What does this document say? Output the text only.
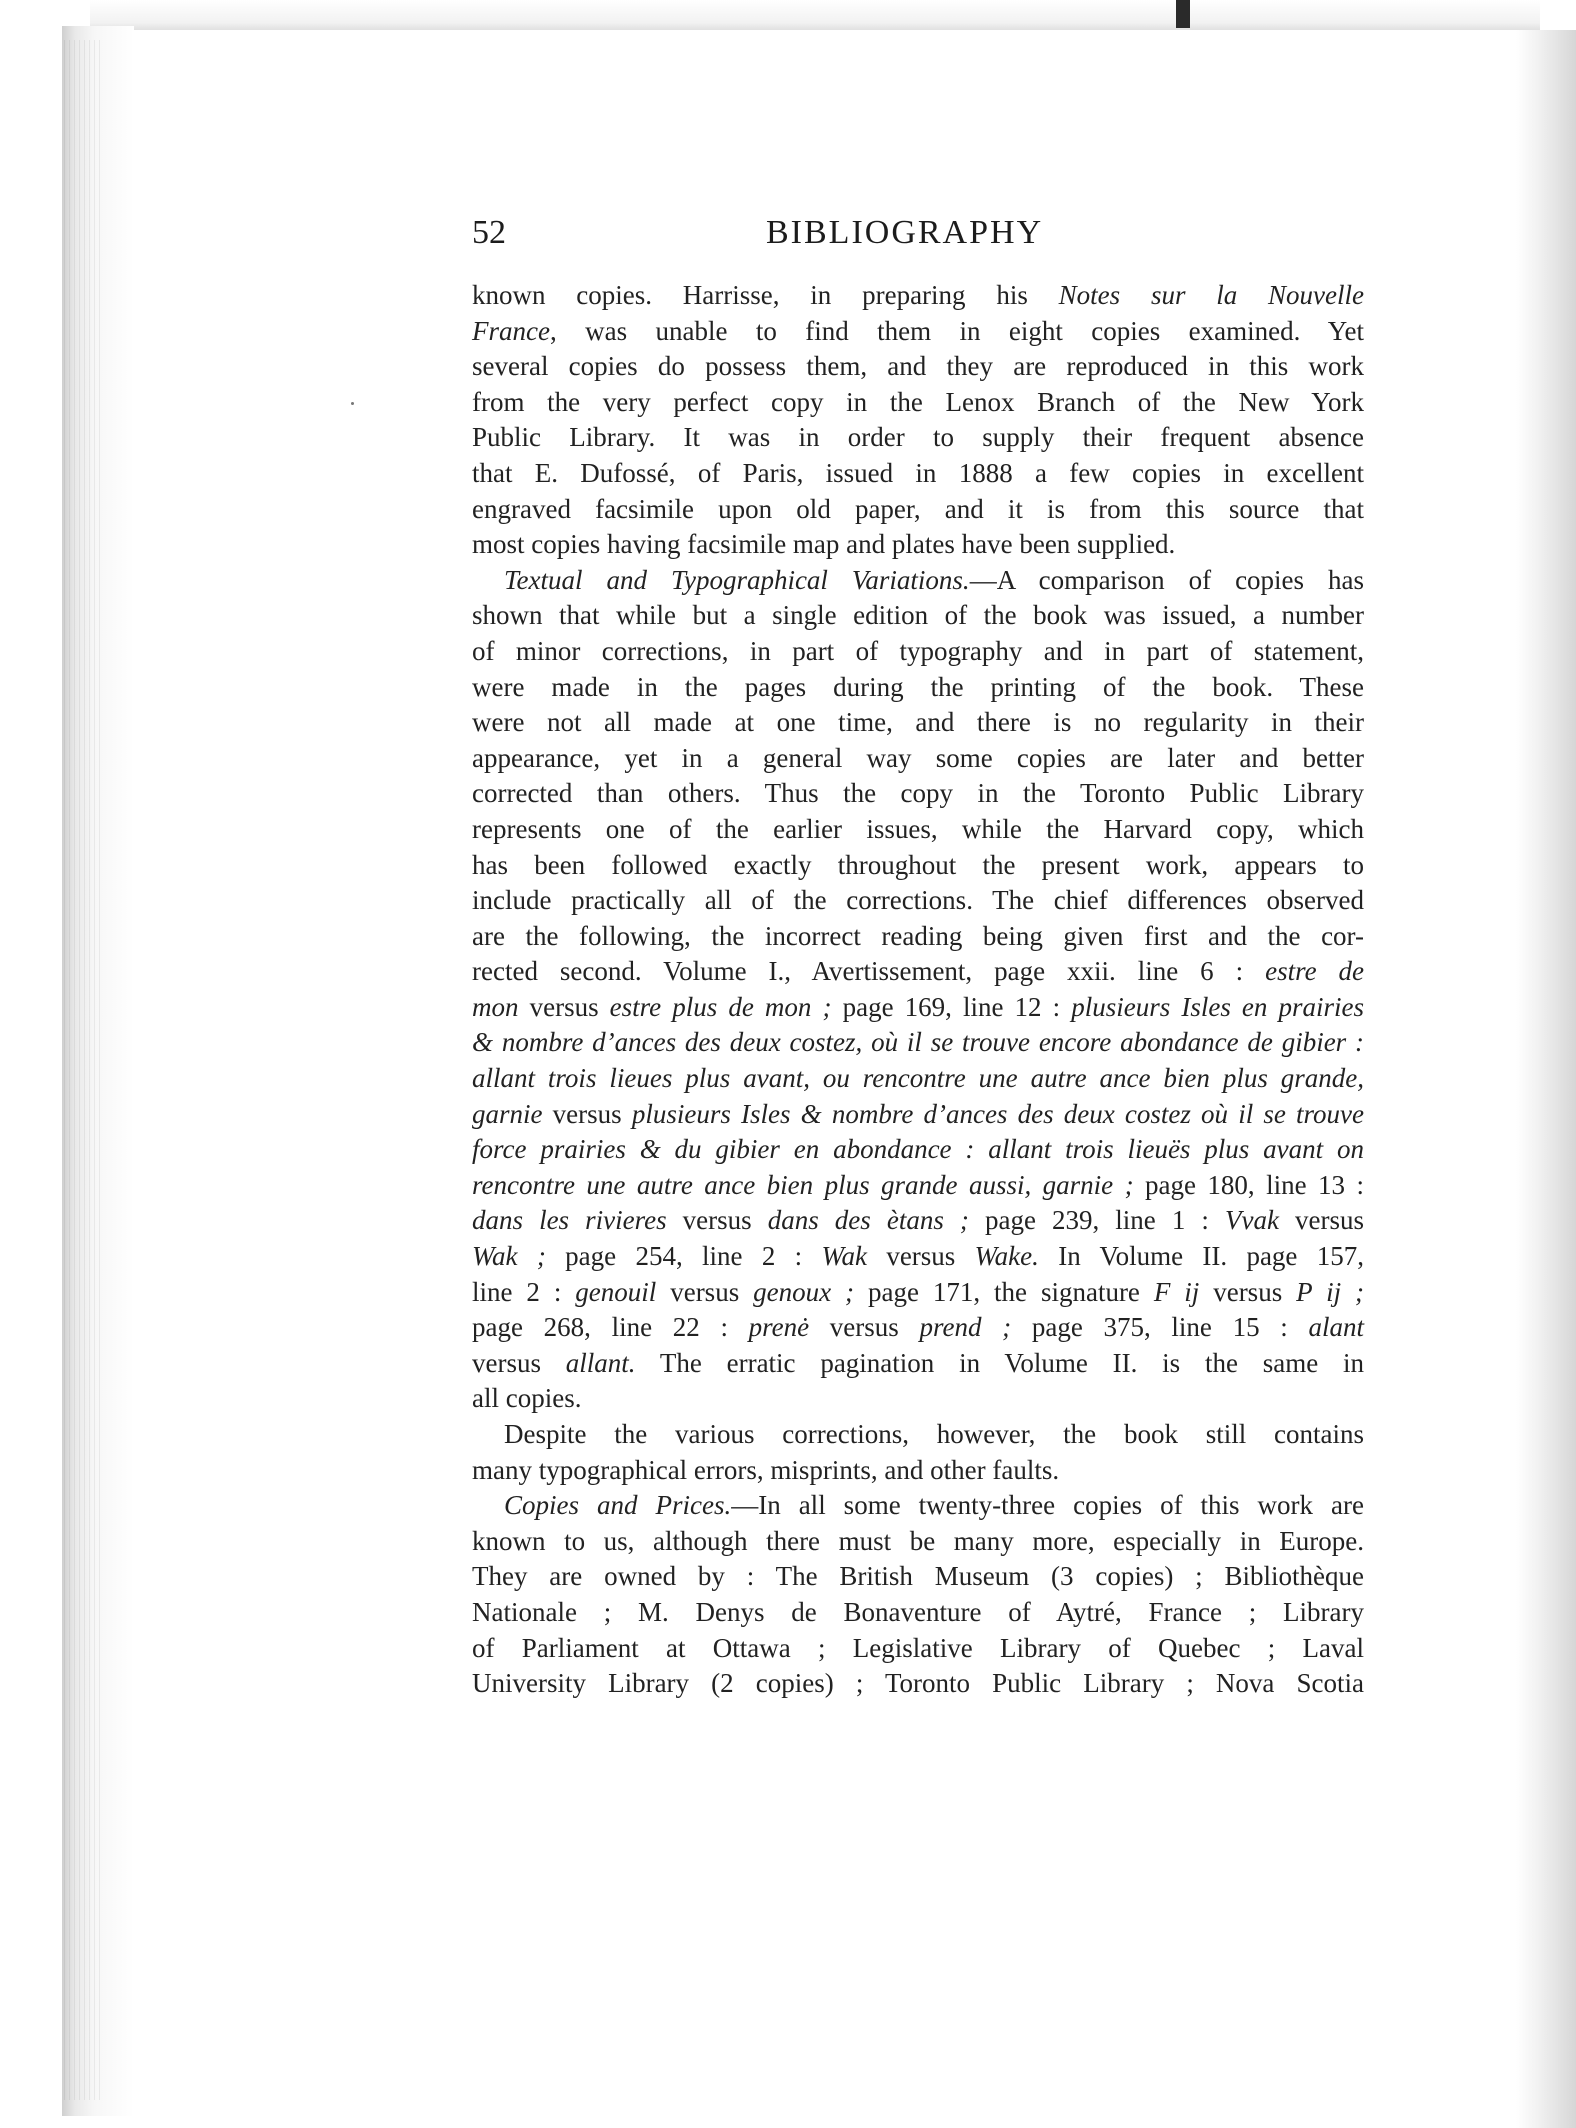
52	BIBLIOGRAPHY
known copies. Harrisse, in preparing his Notes sur la Nouvelle
France, was unable to find them in eight copies examined. Yet
several copies do possess them, and they are reproduced in this work
from the very perfect copy in the Lenox Branch of the New York
Public Library. It was in order to supply their frequent absence
that E. Dufossé, of Paris, issued in 1888 a few copies in excellent
engraved facsimile upon old paper, and it is from this source that
most copies having facsimile map and plates have been supplied.
Textual and Typographical Variations.—A comparison of copies has
shown that while but a single edition of the book was issued, a number
of minor corrections, in part of typography and in part of statement,
were made in the pages during the printing of the book. These
were not all made at one time, and there is no regularity in their
appearance, yet in a general way some copies are later and better
corrected than others. Thus the copy in the Toronto Public Library
represents one of the earlier issues, while the Harvard copy, which
has been followed exactly throughout the present work, appears to
include practically all of the corrections. The chief differences observed
are the following, the incorrect reading being given first and the cor-
rected second. Volume I., Avertissement, page xxii. line 6 : estre de
mon versus estre plus de mon ; page 169, line 12 : plusieurs Isles en prairies
& nombre d’ances des deux costez, où il se trouve encore abondance de gibier :
allant trois lieues plus avant, ou rencontre une autre ance bien plus grande,
garnie versus plusieurs Isles & nombre d’ances des deux costez où il se trouve
force prairies & du gibier en abondance : allant trois lieuës plus avant on
rencontre une autre ance bien plus grande aussi, garnie ; page 180, line 13 :
dans les rivieres versus dans des ètans ; page 239, line 1 : Vvak versus
Wak ; page 254, line 2 : Wak versus Wake. In Volume II. page 157,
line 2 : genouil versus genoux ; page 171, the signature F ij versus P ij ;
page 268, line 22 : prenė versus prend ; page 375, line 15 : alant
versus allant. The erratic pagination in Volume II. is the same in
all copies.
Despite the various corrections, however, the book still contains
many typographical errors, misprints, and other faults.
Copies and Prices.—In all some twenty-three copies of this work are
known to us, although there must be many more, especially in Europe.
They are owned by : The British Museum (3 copies) ; Bibliothèque
Nationale ; M. Denys de Bonaventure of Aytré, France ; Library
of Parliament at Ottawa ; Legislative Library of Quebec ; Laval
University Library (2 copies) ; Toronto Public Library ; Nova Scotia
